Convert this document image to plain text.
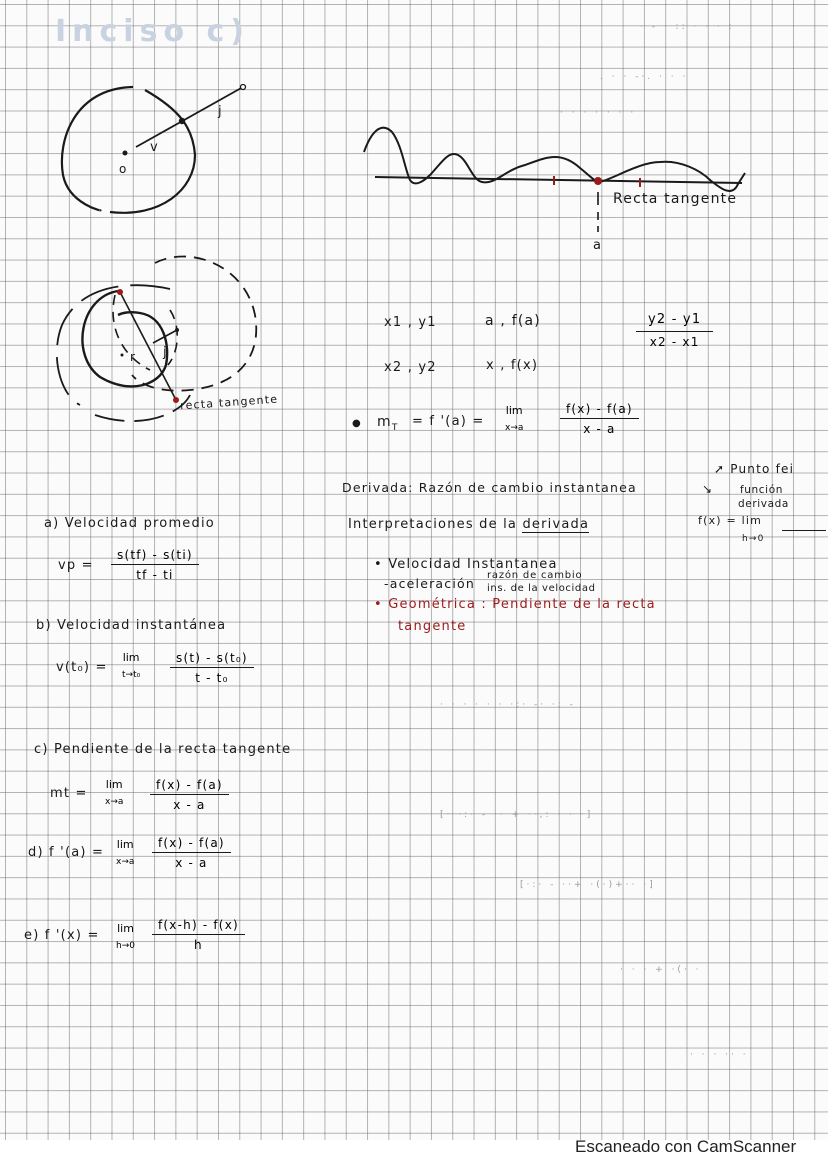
Inciso c)	· - · :: · · · :
. · · -·. · · ·
· · · · · · ·
· · · · · · ·:· -· ·: -
[· ·:· - ·· + ··,: · · ·]
[·:· - ··+ ·(·)+·· ·]
· · · + ·(· ·
· · · ·· ·
o
v
j
Recta tangente
a
r j
recta tangente
x1 , y1
x2 , y2
a , f(a)
x , f(x)
$\frac{y2 - y1}{x2 - x1}$
● $m_T = f$ '(a) =
lim
x→a	$\frac{f(x) - f(a)}{x - a}$
Derivada: Razón de cambio instantanea
➚ Punto fei
↘	función
derivada
Interpretaciones de la derivada	f(x) = lim
h→0
• Velocidad Instantanea
-aceleración
razón de cambio
ins. de la velocidad
• Geométrica : Pendiente de la recta
tangente
a) Velocidad promedio
vp = $\frac{s(tf) - s(ti)}{tf - ti}$
b) Velocidad instantánea
v(t₀) =
lim
$t\to t_0 \frac{\text{s(t) - s(t₀)}}{\text{t - t₀}}$
c) Pendiente de la recta tangente
mt =
lim
$x\to a \frac{f(x) - f(a)}{x - a}$
d) f '(a) =
lim
$x\to a \frac{f(x) - f(a)}{x - a}$
e) f '(x) = lim
$h\to 0 \frac{f(x-h) - f(x)}{h}$
Escaneado con CamScanner
